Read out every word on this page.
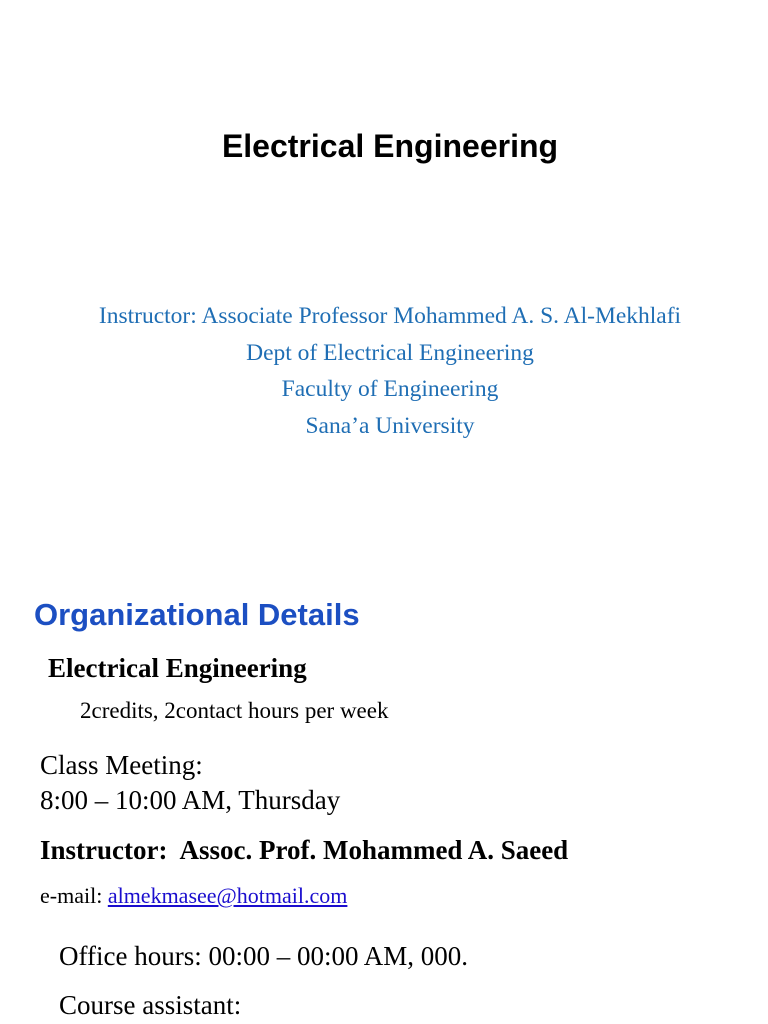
Electrical Engineering
Instructor: Associate Professor Mohammed A. S. Al-Mekhlafi
Dept of Electrical Engineering
Faculty of Engineering
Sana’a University
Organizational Details
Electrical Engineering
2credits, 2contact hours per week
Class Meeting:
8:00 – 10:00 AM, Thursday
Instructor:  Assoc. Prof. Mohammed A. Saeed
e-mail: almekmasee@hotmail.com
Office hours: 00:00 – 00:00 AM, 000.
Course assistant:
